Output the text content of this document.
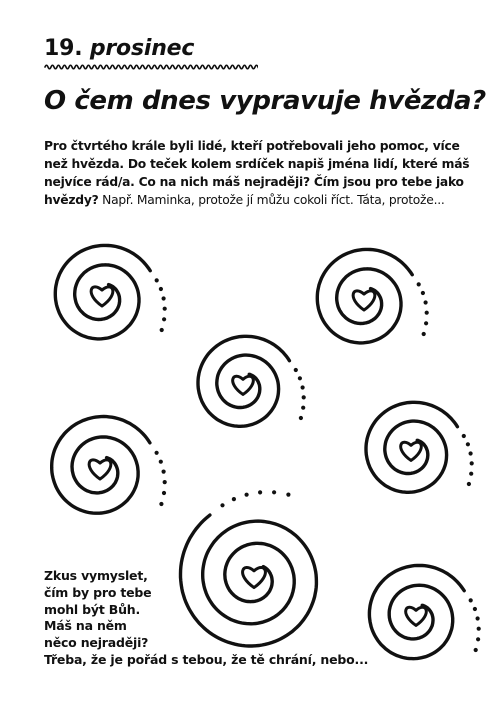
19. prosinec
O čem dnes vypravuje hvězda?

Pro čtvrtého krále byli lidé, kteří potřebovali jeho pomoc, více než hvězda. Do teček kolem srdíček napiš jména lidí, které máš nejvíce rád/a. Co na nich máš nejraději? Čím jsou pro tebe jako hvězdy? Např. Maminka, protože jí můžu cokoli říct. Táta, protože...

Zkus vymyslet,
čím by pro tebe
mohl být Bůh.
Máš na něm
něco nejraději?
Třeba, že je pořád s tebou, že tě chrání, nebo...
